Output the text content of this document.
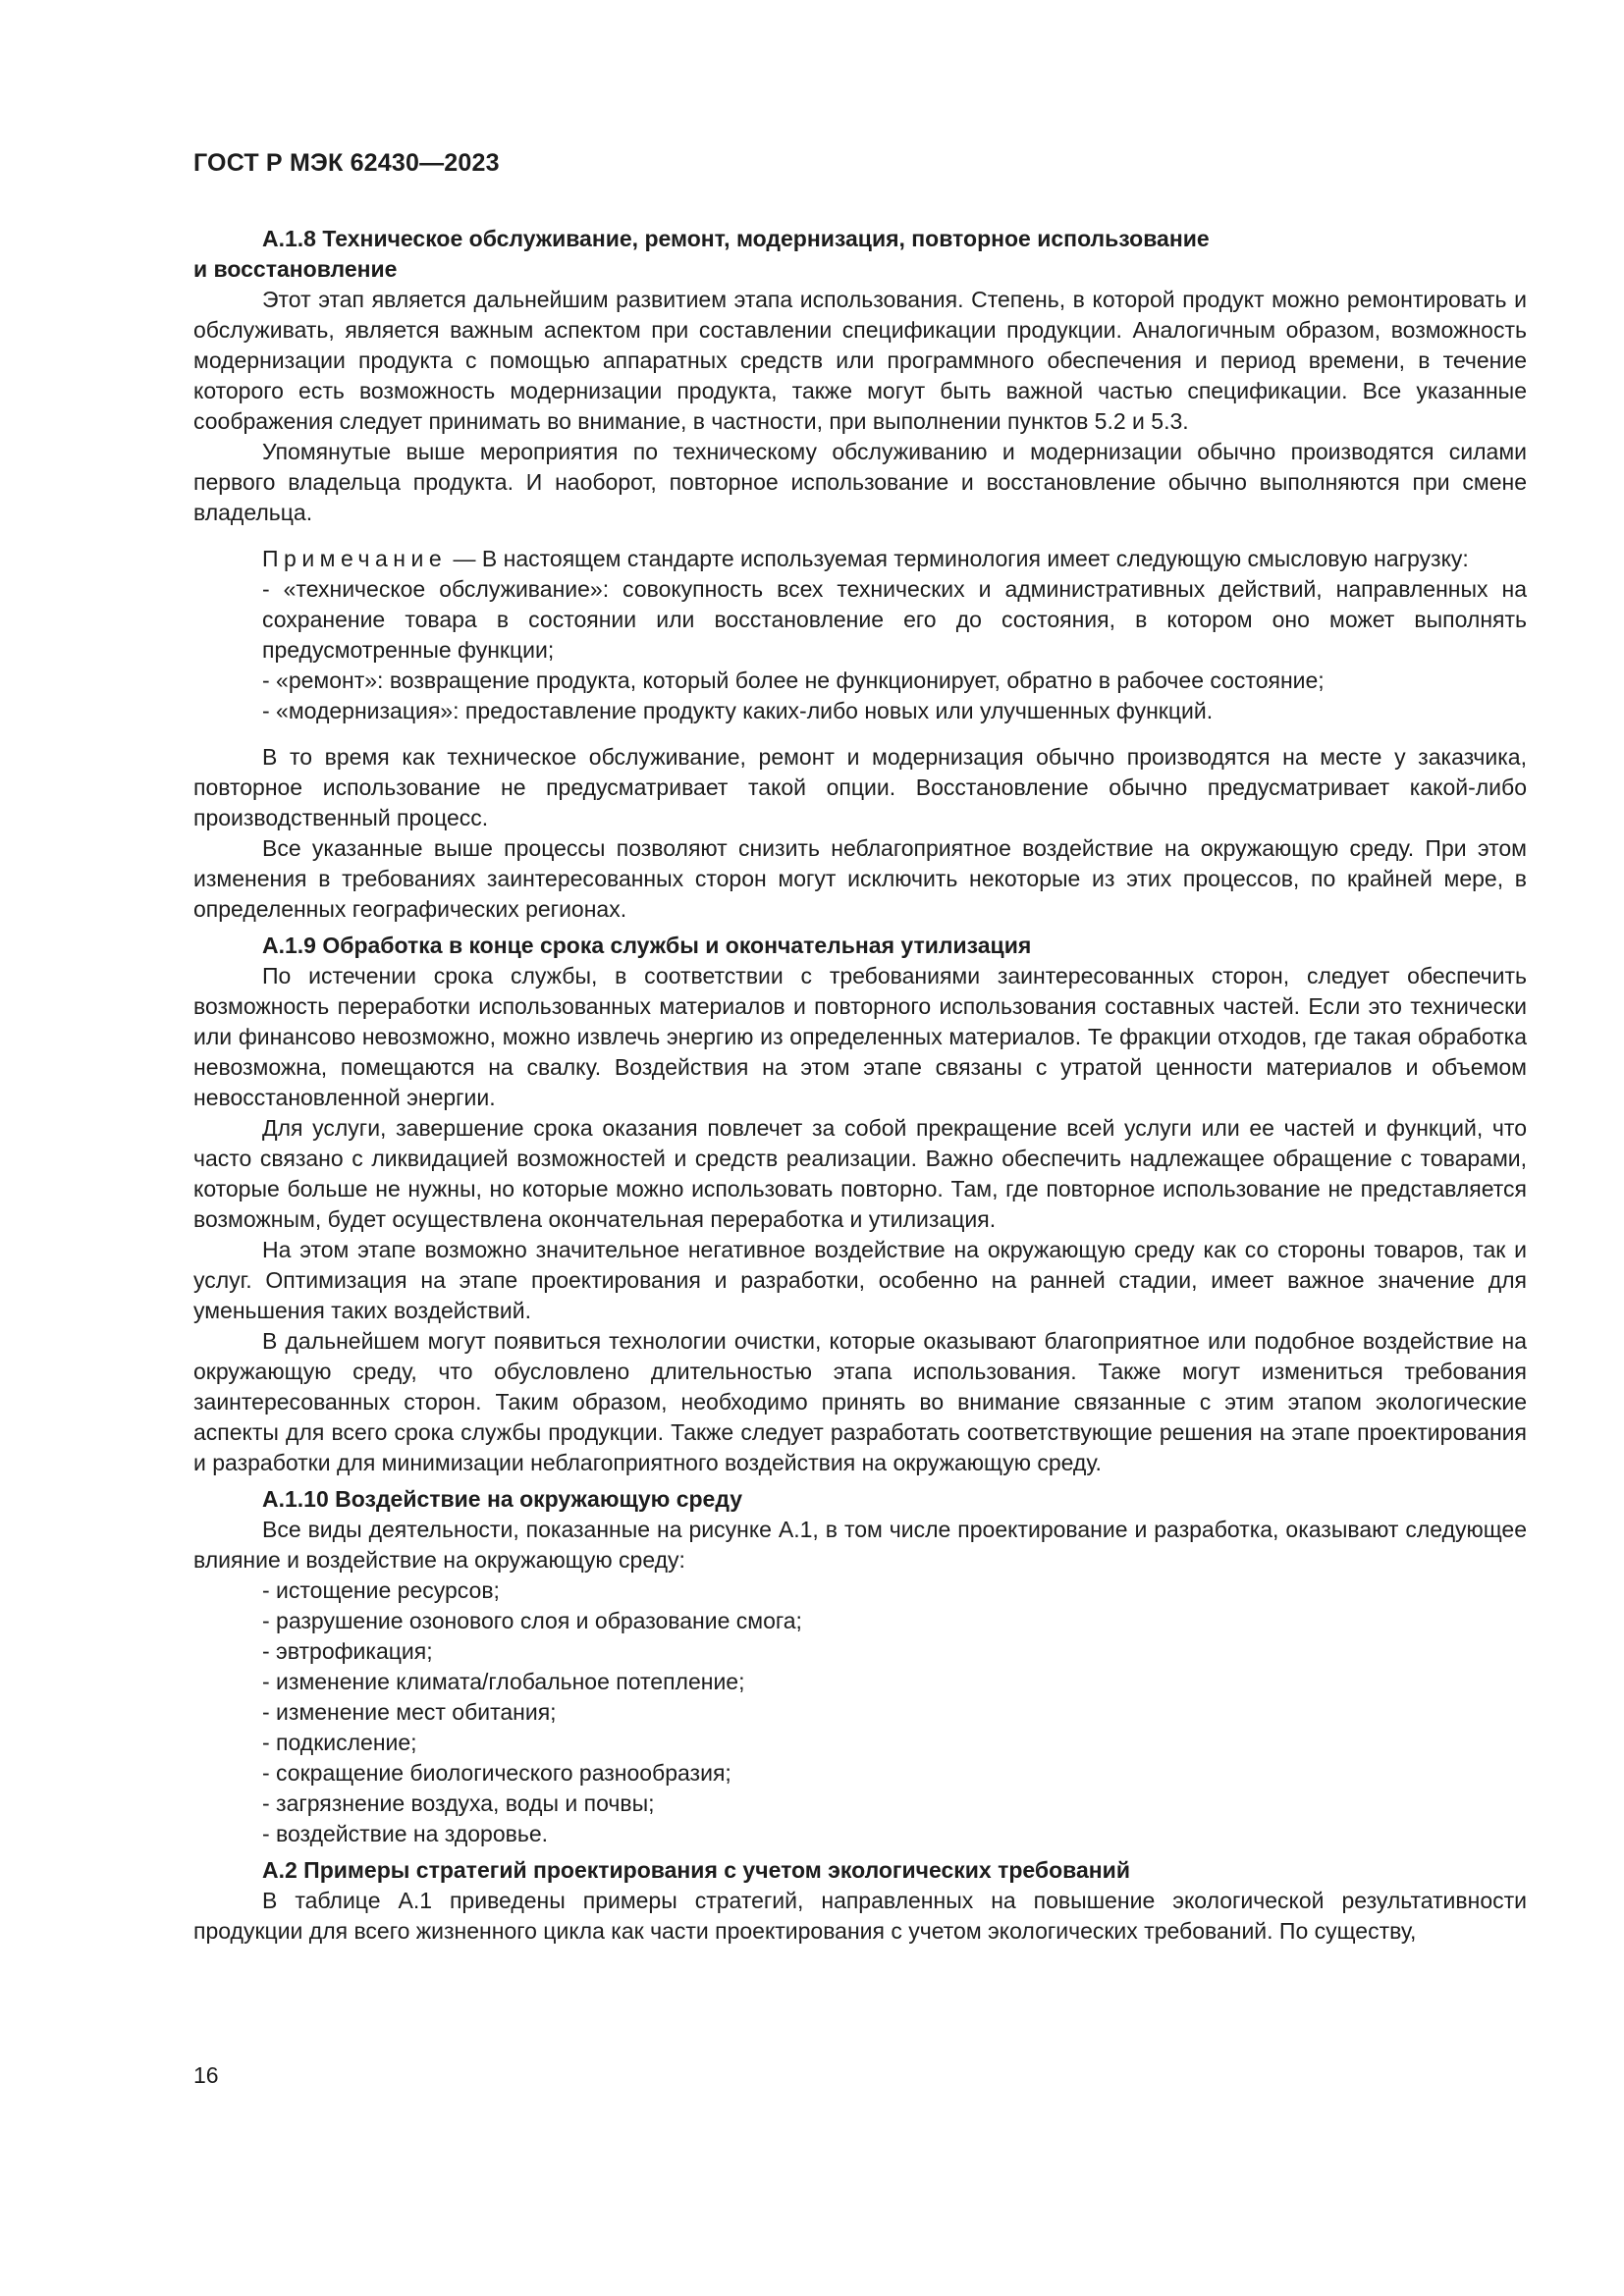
ГОСТ Р МЭК 62430—2023
А.1.8 Техническое обслуживание, ремонт, модернизация, повторное использование
и восстановление

Этот этап является дальнейшим развитием этапа использования. Степень, в которой продукт можно ремонтировать и обслуживать, является важным аспектом при составлении спецификации продукции. Аналогичным образом, возможность модернизации продукта с помощью аппаратных средств или программного обеспечения и период времени, в течение которого есть возможность модернизации продукта, также могут быть важной частью спецификации. Все указанные соображения следует принимать во внимание, в частности, при выполнении пунктов 5.2 и 5.3.

Упомянутые выше мероприятия по техническому обслуживанию и модернизации обычно производятся силами первого владельца продукта. И наоборот, повторное использование и восстановление обычно выполняются при смене владельца.

Примечание — В настоящем стандарте используемая терминология имеет следующую смысловую нагрузку:

- «техническое обслуживание»: совокупность всех технических и административных действий, направленных на сохранение товара в состоянии или восстановление его до состояния, в котором оно может выполнять предусмотренные функции;

- «ремонт»: возвращение продукта, который более не функционирует, обратно в рабочее состояние;

- «модернизация»: предоставление продукту каких-либо новых или улучшенных функций.

В то время как техническое обслуживание, ремонт и модернизация обычно производятся на месте у заказчика, повторное использование не предусматривает такой опции. Восстановление обычно предусматривает какой-либо производственный процесс.

Все указанные выше процессы позволяют снизить неблагоприятное воздействие на окружающую среду. При этом изменения в требованиях заинтересованных сторон могут исключить некоторые из этих процессов, по крайней мере, в определенных географических регионах.

А.1.9 Обработка в конце срока службы и окончательная утилизация

По истечении срока службы, в соответствии с требованиями заинтересованных сторон, следует обеспечить возможность переработки использованных материалов и повторного использования составных частей. Если это технически или финансово невозможно, можно извлечь энергию из определенных материалов. Те фракции отходов, где такая обработка невозможна, помещаются на свалку. Воздействия на этом этапе связаны с утратой ценности материалов и объемом невосстановленной энергии.

Для услуги, завершение срока оказания повлечет за собой прекращение всей услуги или ее частей и функций, что часто связано с ликвидацией возможностей и средств реализации. Важно обеспечить надлежащее обращение с товарами, которые больше не нужны, но которые можно использовать повторно. Там, где повторное использование не представляется возможным, будет осуществлена окончательная переработка и утилизация.

На этом этапе возможно значительное негативное воздействие на окружающую среду как со стороны товаров, так и услуг. Оптимизация на этапе проектирования и разработки, особенно на ранней стадии, имеет важное значение для уменьшения таких воздействий.

В дальнейшем могут появиться технологии очистки, которые оказывают благоприятное или подобное воздействие на окружающую среду, что обусловлено длительностью этапа использования. Также могут измениться требования заинтересованных сторон. Таким образом, необходимо принять во внимание связанные с этим этапом экологические аспекты для всего срока службы продукции. Также следует разработать соответствующие решения на этапе проектирования и разработки для минимизации неблагоприятного воздействия на окружающую среду.

А.1.10 Воздействие на окружающую среду

Все виды деятельности, показанные на рисунке А.1, в том числе проектирование и разработка, оказывают следующее влияние и воздействие на окружающую среду:

- истощение ресурсов;

- разрушение озонового слоя и образование смога;

- эвтрофикация;

- изменение климата/глобальное потепление;

- изменение мест обитания;

- подкисление;

- сокращение биологического разнообразия;

- загрязнение воздуха, воды и почвы;

- воздействие на здоровье.

А.2 Примеры стратегий проектирования с учетом экологических требований

В таблице А.1 приведены примеры стратегий, направленных на повышение экологической результативности продукции для всего жизненного цикла как части проектирования с учетом экологических требований. По существу,

16
